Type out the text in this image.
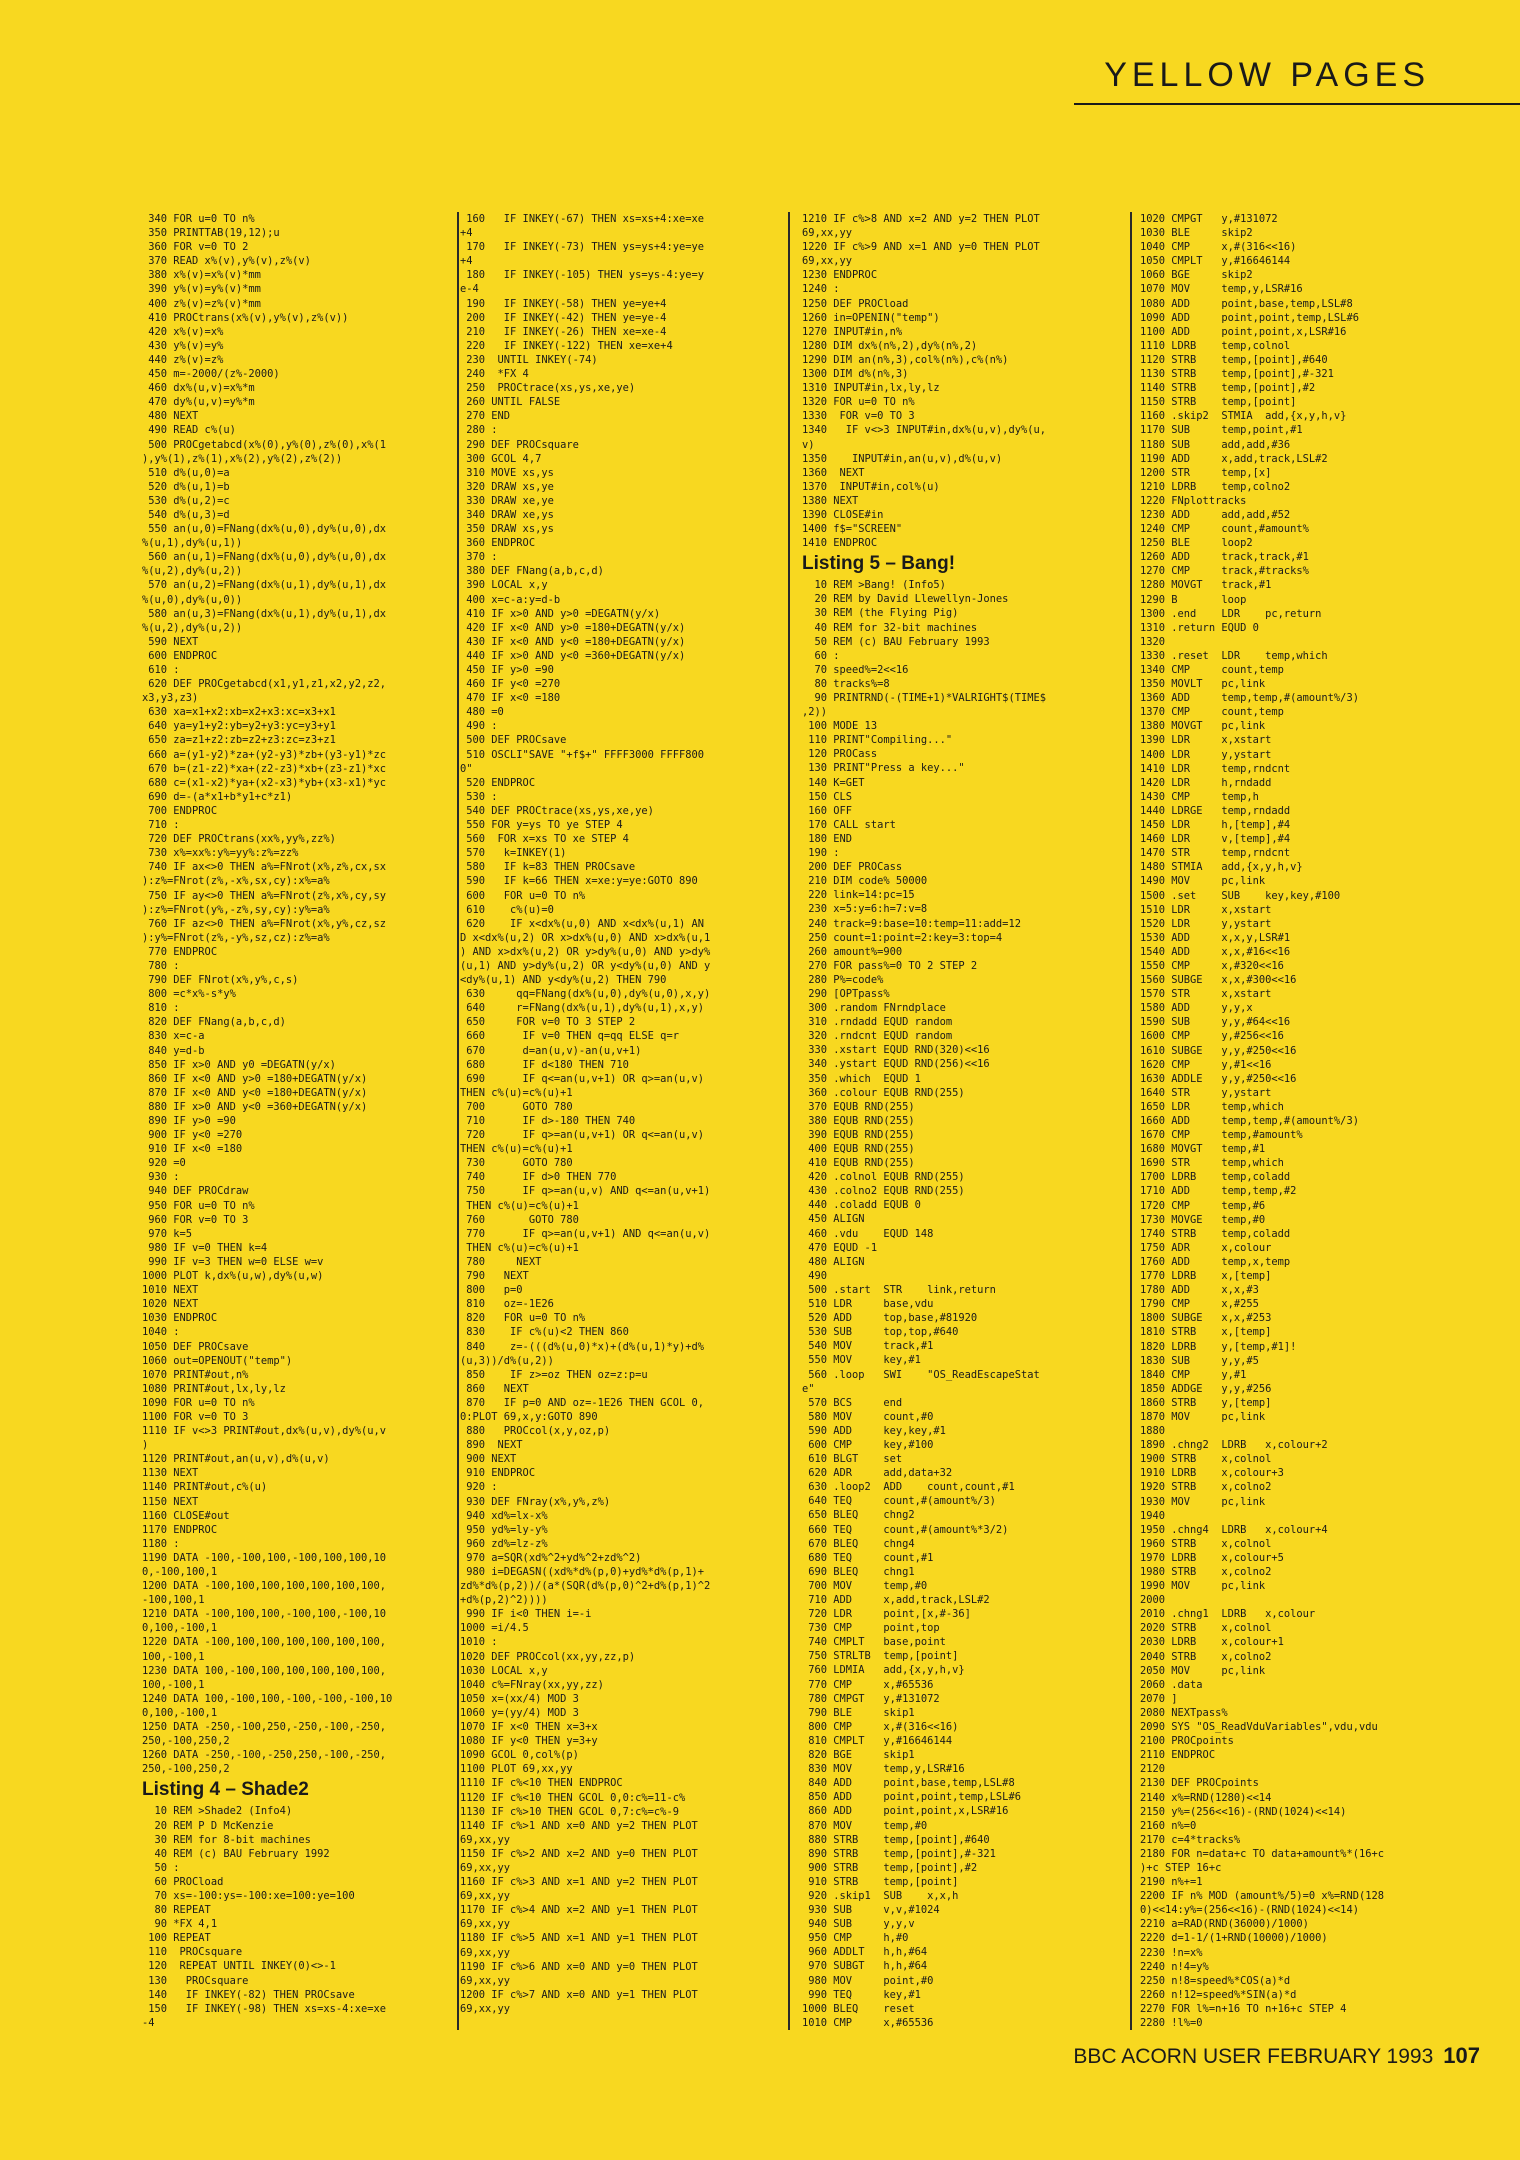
YELLOW PAGES
340 FOR u=0 TO n%
350 PRINTTAB(19,12);u
360 FOR v=0 TO 2
370 READ x%(v),y%(v),z%(v)
380 x%(v)=x%(v)*mm
390 y%(v)=y%(v)*mm
400 z%(v)=z%(v)*mm
410 PROCtrans(x%(v),y%(v),z%(v))
420 x%(v)=x%
430 y%(v)=y%
440 z%(v)=z%
450 m=-2000/(z%-2000)
460 dx%(u,v)=x%*m
470 dy%(u,v)=y%*m
480 NEXT
490 READ c%(u)
500 PROCgetabcd(x%(0),y%(0),z%(0),x%(1
),y%(1),z%(1),x%(2),y%(2),z%(2))
510 d%(u,0)=a
520 d%(u,1)=b
530 d%(u,2)=c
540 d%(u,3)=d
550 an(u,0)=FNang(dx%(u,0),dy%(u,0),dx
%(u,1),dy%(u,1))
560 an(u,1)=FNang(dx%(u,0),dy%(u,0),dx
%(u,2),dy%(u,2))
570 an(u,2)=FNang(dx%(u,1),dy%(u,1),dx
%(u,0),dy%(u,0))
580 an(u,3)=FNang(dx%(u,1),dy%(u,1),dx
%(u,2),dy%(u,2))
590 NEXT
600 ENDPROC
610 :
620 DEF PROCgetabcd(x1,y1,z1,x2,y2,z2,
x3,y3,z3)
630 xa=x1+x2:xb=x2+x3:xc=x3+x1
640 ya=y1+y2:yb=y2+y3:yc=y3+y1
650 za=z1+z2:zb=z2+z3:zc=z3+z1
660 a=(y1-y2)*za+(y2-y3)*zb+(y3-y1)*zc
670 b=(z1-z2)*xa+(z2-z3)*xb+(z3-z1)*xc
680 c=(x1-x2)*ya+(x2-x3)*yb+(x3-x1)*yc
690 d=-(a*x1+b*y1+c*z1)
700 ENDPROC
710 :
720 DEF PROCtrans(xx%,yy%,zz%)
730 x%=xx%:y%=yy%:z%=zz%
740 IF ax<>0 THEN a%=FNrot(x%,z%,cx,sx
):z%=FNrot(z%,-x%,sx,cy):x%=a%
750 IF ay<>0 THEN a%=FNrot(z%,x%,cy,sy
):z%=FNrot(y%,-z%,sy,cy):y%=a%
760 IF az<>0 THEN a%=FNrot(x%,y%,cz,sz
):y%=FNrot(z%,-y%,sz,cz):z%=a%
770 ENDPROC
780 :
790 DEF FNrot(x%,y%,c,s)
800 =c*x%-s*y%
810 :
820 DEF FNang(a,b,c,d)
830 x=c-a
840 y=d-b
850 IF x>0 AND y0 =DEGATN(y/x)
860 IF x<0 AND y>0 =180+DEGATN(y/x)
870 IF x<0 AND y<0 =180+DEGATN(y/x)
880 IF x>0 AND y<0 =360+DEGATN(y/x)
890 IF y>0 =90
900 IF y<0 =270
910 IF x<0 =180
920 =0
930 :
940 DEF PROCdraw
950 FOR u=0 TO n%
960 FOR v=0 TO 3
970 k=5
980 IF v=0 THEN k=4
990 IF v=3 THEN w=0 ELSE w=v
1000 PLOT k,dx%(u,w),dy%(u,w)
1010 NEXT
1020 NEXT
1030 ENDPROC
1040 :
1050 DEF PROCsave
1060 out=OPENOUT("temp")
1070 PRINT#out,n%
1080 PRINT#out,lx,ly,lz
1090 FOR u=0 TO n%
1100 FOR v=0 TO 3
1110 IF v<>3 PRINT#out,dx%(u,v),dy%(u,v
)
1120 PRINT#out,an(u,v),d%(u,v)
1130 NEXT
1140 PRINT#out,c%(u)
1150 NEXT
1160 CLOSE#out
1170 ENDPROC
1180 :
1190 DATA -100,-100,100,-100,100,100,10
0,-100,100,1
1200 DATA -100,100,100,100,100,100,100,
-100,100,1
1210 DATA -100,100,100,-100,100,-100,10
0,100,-100,1
1220 DATA -100,100,100,100,100,100,100,
100,-100,1
1230 DATA 100,-100,100,100,100,100,100,
100,-100,1
1240 DATA 100,-100,100,-100,-100,-100,10
0,100,-100,1
1250 DATA -250,-100,250,-250,-100,-250,
250,-100,250,2
1260 DATA -250,-100,-250,250,-100,-250,
250,-100,250,2
Listing 4 – Shade2
10 REM >Shade2 (Info4)
20 REM P D McKenzie
30 REM for 8-bit machines
40 REM (c) BAU February 1992
50 :
60 PROCload
70 xs=-100:ys=-100:xe=100:ye=100
80 REPEAT
90 *FX 4,1
100 REPEAT
110  PROCsquare
120  REPEAT UNTIL INKEY(0)<>-1
130   PROCsquare
140   IF INKEY(-82) THEN PROCsave
150   IF INKEY(-98) THEN xs=xs-4:xe=xe
-4
160   IF INKEY(-67) THEN xs=xs+4:xe=xe
+4
170   IF INKEY(-73) THEN ys=ys+4:ye=ye
+4
180   IF INKEY(-105) THEN ys=ys-4:ye=y
e-4
190   IF INKEY(-58) THEN ye=ye+4
200   IF INKEY(-42) THEN ye=ye-4
210   IF INKEY(-26) THEN xe=xe-4
220   IF INKEY(-122) THEN xe=xe+4
230  UNTIL INKEY(-74)
240  *FX 4
250  PROCtrace(xs,ys,xe,ye)
260 UNTIL FALSE
270 END
280 :
290 DEF PROCsquare
300 GCOL 4,7
310 MOVE xs,ys
320 DRAW xs,ye
330 DRAW xe,ye
340 DRAW xe,ys
350 DRAW xs,ys
360 ENDPROC
370 :
380 DEF FNang(a,b,c,d)
390 LOCAL x,y
400 x=c-a:y=d-b
410 IF x>0 AND y>0 =DEGATN(y/x)
420 IF x<0 AND y>0 =180+DEGATN(y/x)
430 IF x<0 AND y<0 =180+DEGATN(y/x)
440 IF x>0 AND y<0 =360+DEGATN(y/x)
450 IF y>0 =90
460 IF y<0 =270
470 IF x<0 =180
480 =0
490 :
500 DEF PROCsave
510 OSCLI"SAVE "+f$+" FFFF3000 FFFF800
0"
520 ENDPROC
530 :
540 DEF PROCtrace(xs,ys,xe,ye)
550 FOR y=ys TO ye STEP 4
560  FOR x=xs TO xe STEP 4
570   k=INKEY(1)
580   IF k=83 THEN PROCsave
590   IF k=66 THEN x=xe:y=ye:GOTO 890
600   FOR u=0 TO n%
610    c%(u)=0
620    IF x<dx%(u,0) AND x<dx%(u,1) AN
D x<dx%(u,2) OR x>dx%(u,0) AND x>dx%(u,1
) AND x>dx%(u,2) OR y>dy%(u,0) AND y>dy%
(u,1) AND y>dy%(u,2) OR y<dy%(u,0) AND y
<dy%(u,1) AND y<dy%(u,2) THEN 790
630     qq=FNang(dx%(u,0),dy%(u,0),x,y)
640     r=FNang(dx%(u,1),dy%(u,1),x,y)
650     FOR v=0 TO 3 STEP 2
660      IF v=0 THEN q=qq ELSE q=r
670      d=an(u,v)-an(u,v+1)
680      IF d<180 THEN 710
690      IF q<=an(u,v+1) OR q>=an(u,v)
THEN c%(u)=c%(u)+1
700      GOTO 780
710      IF d>-180 THEN 740
720      IF q>=an(u,v+1) OR q<=an(u,v)
THEN c%(u)=c%(u)+1
730      GOTO 780
740      IF d>0 THEN 770
750      IF q>=an(u,v) AND q<=an(u,v+1)
THEN c%(u)=c%(u)+1
760       GOTO 780
770      IF q>=an(u,v+1) AND q<=an(u,v)
THEN c%(u)=c%(u)+1
780     NEXT
790   NEXT
800   p=0
810   oz=-1E26
820   FOR u=0 TO n%
830    IF c%(u)<2 THEN 860
840    z=-(((d%(u,0)*x)+(d%(u,1)*y)+d%
(u,3))/d%(u,2))
850    IF z>=oz THEN oz=z:p=u
860   NEXT
870   IF p=0 AND oz=-1E26 THEN GCOL 0,
0:PLOT 69,x,y:GOTO 890
880   PROCcol(x,y,oz,p)
890  NEXT
900 NEXT
910 ENDPROC
920 :
930 DEF FNray(x%,y%,z%)
940 xd%=lx-x%
950 yd%=ly-y%
960 zd%=lz-z%
970 a=SQR(xd%^2+yd%^2+zd%^2)
980 i=DEGASN((xd%*d%(p,0)+yd%*d%(p,1)+
zd%*d%(p,2))/(a*(SQR(d%(p,0)^2+d%(p,1)^2
+d%(p,2)^2))))
990 IF i<0 THEN i=-i
1000 =i/4.5
1010 :
1020 DEF PROCcol(xx,yy,zz,p)
1030 LOCAL x,y
1040 c%=FNray(xx,yy,zz)
1050 x=(xx/4) MOD 3
1060 y=(yy/4) MOD 3
1070 IF x<0 THEN x=3+x
1080 IF y<0 THEN y=3+y
1090 GCOL 0,col%(p)
1100 PLOT 69,xx,yy
1110 IF c%<10 THEN ENDPROC
1120 IF c%<10 THEN GCOL 0,0:c%=11-c%
1130 IF c%>10 THEN GCOL 0,7:c%=c%-9
1140 IF c%>1 AND x=0 AND y=2 THEN PLOT
69,xx,yy
1150 IF c%>2 AND x=2 AND y=0 THEN PLOT
69,xx,yy
1160 IF c%>3 AND x=1 AND y=2 THEN PLOT
69,xx,yy
1170 IF c%>4 AND x=2 AND y=1 THEN PLOT
69,xx,yy
1180 IF c%>5 AND x=1 AND y=1 THEN PLOT
69,xx,yy
1190 IF c%>6 AND x=0 AND y=0 THEN PLOT
69,xx,yy
1200 IF c%>7 AND x=0 AND y=1 THEN PLOT
69,xx,yy
1210 IF c%>8 AND x=2 AND y=2 THEN PLOT
69,xx,yy
1220 IF c%>9 AND x=1 AND y=0 THEN PLOT
69,xx,yy
1230 ENDPROC
1240 :
1250 DEF PROCload
1260 in=OPENIN("temp")
1270 INPUT#in,n%
1280 DIM dx%(n%,2),dy%(n%,2)
1290 DIM an(n%,3),col%(n%),c%(n%)
1300 DIM d%(n%,3)
1310 INPUT#in,lx,ly,lz
1320 FOR u=0 TO n%
1330  FOR v=0 TO 3
1340   IF v<>3 INPUT#in,dx%(u,v),dy%(u,
v)
1350    INPUT#in,an(u,v),d%(u,v)
1360  NEXT
1370  INPUT#in,col%(u)
1380 NEXT
1390 CLOSE#in
1400 f$="SCREEN"
1410 ENDPROC
Listing 5 – Bang!
10 REM >Bang! (Info5)
20 REM by David Llewellyn-Jones
30 REM (the Flying Pig)
40 REM for 32-bit machines
50 REM (c) BAU February 1993
60 :
70 speed%=2<<16
80 tracks%=8
90 PRINTRND(-(TIME+1)*VALRIGHT$(TIME$
,2))
100 MODE 13
110 PRINT"Compiling..."
120 PROCass
130 PRINT"Press a key..."
140 K=GET
150 CLS
160 OFF
170 CALL start
180 END
190 :
200 DEF PROCass
210 DIM code% 50000
220 link=14:pc=15
230 x=5:y=6:h=7:v=8
240 track=9:base=10:temp=11:add=12
250 count=1:point=2:key=3:top=4
260 amount%=900
270 FOR pass%=0 TO 2 STEP 2
280 P%=code%
290 [OPTpass%
300 .random FNrndplace
310 .rndadd EQUD random
320 .rndcnt EQUD random
330 .xstart EQUD RND(320)<<16
340 .ystart EQUD RND(256)<<16
350 .which  EQUD 1
360 .colour EQUB RND(255)
370 EQUB RND(255)
380 EQUB RND(255)
390 EQUB RND(255)
400 EQUB RND(255)
410 EQUB RND(255)
420 .colnol EQUB RND(255)
430 .colno2 EQUB RND(255)
440 .coladd EQUB 0
450 ALIGN
460 .vdu    EQUD 148
470 EQUD -1
480 ALIGN
490
500 .start  STR    link,return
510 LDR     base,vdu
520 ADD     top,base,#81920
530 SUB     top,top,#640
540 MOV     track,#1
550 MOV     key,#1
560 .loop   SWI    "OS_ReadEscapeStat
e"
570 BCS     end
580 MOV     count,#0
590 ADD     key,key,#1
600 CMP     key,#100
610 BLGT    set
620 ADR     add,data+32
630 .loop2  ADD    count,count,#1
640 TEQ     count,#(amount%/3)
650 BLEQ    chng2
660 TEQ     count,#(amount%*3/2)
670 BLEQ    chng4
680 TEQ     count,#1
690 BLEQ    chng1
700 MOV     temp,#0
710 ADD     x,add,track,LSL#2
720 LDR     point,[x,#-36]
730 CMP     point,top
740 CMPLT   base,point
750 STRLTB  temp,[point]
760 LDMIA   add,{x,y,h,v}
770 CMP     x,#65536
780 CMPGT   y,#131072
790 BLE     skip1
800 CMP     x,#(316<<16)
810 CMPLT   y,#16646144
820 BGE     skip1
830 MOV     temp,y,LSR#16
840 ADD     point,base,temp,LSL#8
850 ADD     point,point,temp,LSL#6
860 ADD     point,point,x,LSR#16
870 MOV     temp,#0
880 STRB    temp,[point],#640
890 STRB    temp,[point],#-321
900 STRB    temp,[point],#2
910 STRB    temp,[point]
920 .skip1  SUB    x,x,h
930 SUB     v,v,#1024
940 SUB     y,y,v
950 CMP     h,#0
960 ADDLT   h,h,#64
970 SUBGT   h,h,#64
980 MOV     point,#0
990 TEQ     key,#1
1000 BLEQ    reset
1010 CMP     x,#65536
1020 CMPGT   y,#131072
1030 BLE     skip2
1040 CMP     x,#(316<<16)
1050 CMPLT   y,#16646144
1060 BGE     skip2
1070 MOV     temp,y,LSR#16
1080 ADD     point,base,temp,LSL#8
1090 ADD     point,point,temp,LSL#6
1100 ADD     point,point,x,LSR#16
1110 LDRB    temp,colnol
1120 STRB    temp,[point],#640
1130 STRB    temp,[point],#-321
1140 STRB    temp,[point],#2
1150 STRB    temp,[point]
1160 .skip2  STMIA  add,{x,y,h,v}
1170 SUB     temp,point,#1
1180 SUB     add,add,#36
1190 ADD     x,add,track,LSL#2
1200 STR     temp,[x]
1210 LDRB    temp,colno2
1220 FNplottracks
1230 ADD     add,add,#52
1240 CMP     count,#amount%
1250 BLE     loop2
1260 ADD     track,track,#1
1270 CMP     track,#tracks%
1280 MOVGT   track,#1
1290 B       loop
1300 .end    LDR    pc,return
1310 .return EQUD 0
1320
1330 .reset  LDR    temp,which
1340 CMP     count,temp
1350 MOVLT   pc,link
1360 ADD     temp,temp,#(amount%/3)
1370 CMP     count,temp
1380 MOVGT   pc,link
1390 LDR     x,xstart
1400 LDR     y,ystart
1410 LDR     temp,rndcnt
1420 LDR     h,rndadd
1430 CMP     temp,h
1440 LDRGE   temp,rndadd
1450 LDR     h,[temp],#4
1460 LDR     v,[temp],#4
1470 STR     temp,rndcnt
1480 STMIA   add,{x,y,h,v}
1490 MOV     pc,link
1500 .set    SUB    key,key,#100
1510 LDR     x,xstart
1520 LDR     y,ystart
1530 ADD     x,x,y,LSR#1
1540 ADD     x,x,#16<<16
1550 CMP     x,#320<<16
1560 SUBGE   x,x,#300<<16
1570 STR     x,xstart
1580 ADD     y,y,x
1590 SUB     y,y,#64<<16
1600 CMP     y,#256<<16
1610 SUBGE   y,y,#250<<16
1620 CMP     y,#1<<16
1630 ADDLE   y,y,#250<<16
1640 STR     y,ystart
1650 LDR     temp,which
1660 ADD     temp,temp,#(amount%/3)
1670 CMP     temp,#amount%
1680 MOVGT   temp,#1
1690 STR     temp,which
1700 LDRB    temp,coladd
1710 ADD     temp,temp,#2
1720 CMP     temp,#6
1730 MOVGE   temp,#0
1740 STRB    temp,coladd
1750 ADR     x,colour
1760 ADD     temp,x,temp
1770 LDRB    x,[temp]
1780 ADD     x,x,#3
1790 CMP     x,#255
1800 SUBGE   x,x,#253
1810 STRB    x,[temp]
1820 LDRB    y,[temp,#1]!
1830 SUB     y,y,#5
1840 CMP     y,#1
1850 ADDGE   y,y,#256
1860 STRB    y,[temp]
1870 MOV     pc,link
1880
1890 .chng2  LDRB   x,colour+2
1900 STRB    x,colnol
1910 LDRB    x,colour+3
1920 STRB    x,colno2
1930 MOV     pc,link
1940
1950 .chng4  LDRB   x,colour+4
1960 STRB    x,colnol
1970 LDRB    x,colour+5
1980 STRB    x,colno2
1990 MOV     pc,link
2000
2010 .chng1  LDRB   x,colour
2020 STRB    x,colnol
2030 LDRB    x,colour+1
2040 STRB    x,colno2
2050 MOV     pc,link
2060 .data
2070 ]
2080 NEXTpass%
2090 SYS "OS_ReadVduVariables",vdu,vdu
2100 PROCpoints
2110 ENDPROC
2120
2130 DEF PROCpoints
2140 x%=RND(1280)<<14
2150 y%=(256<<16)-(RND(1024)<<14)
2160 n%=0
2170 c=4*tracks%
2180 FOR n=data+c TO data+amount%*(16+c
)+c STEP 16+c
2190 n%+=1
2200 IF n% MOD (amount%/5)=0 x%=RND(128
0)<<14:y%=(256<<16)-(RND(1024)<<14)
2210 a=RAD(RND(36000)/1000)
2220 d=1-1/(1+RND(10000)/1000)
2230 !n=x%
2240 n!4=y%
2250 n!8=speed%*COS(a)*d
2260 n!12=speed%*SIN(a)*d
2270 FOR l%=n+16 TO n+16+c STEP 4
2280 !l%=0
BBC ACORN USER FEBRUARY 1993 107
